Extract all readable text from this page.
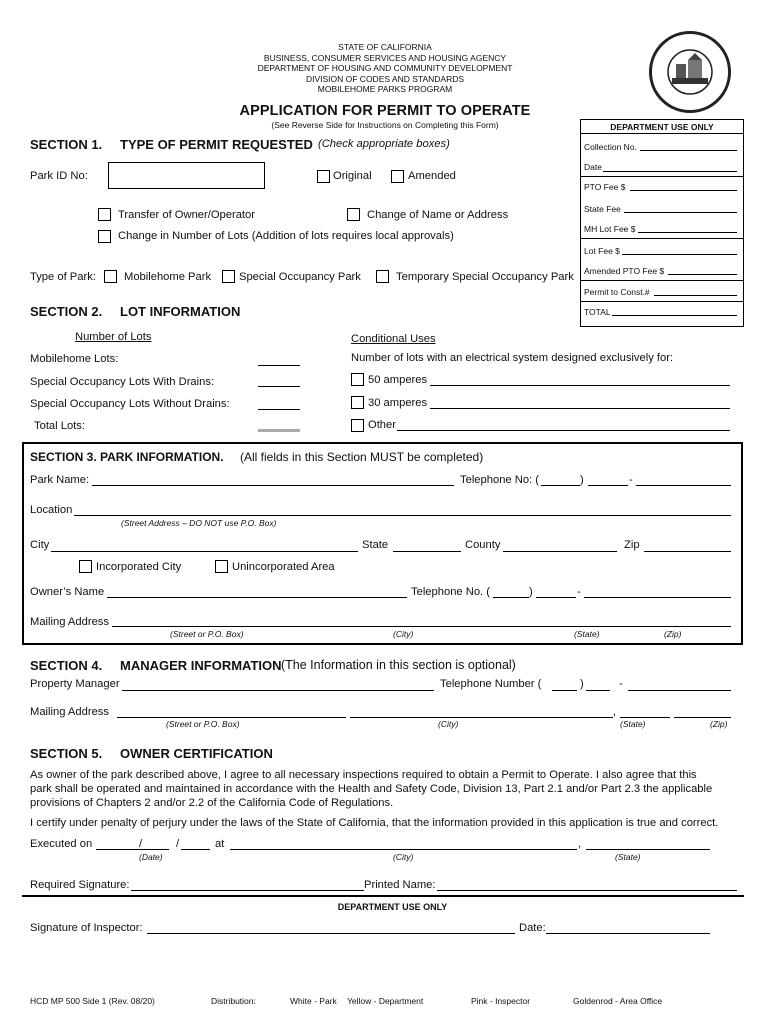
STATE OF CALIFORNIA
BUSINESS, CONSUMER SERVICES AND HOUSING AGENCY
DEPARTMENT OF HOUSING AND COMMUNITY DEVELOPMENT
DIVISION OF CODES AND STANDARDS
MOBILEHOME PARKS PROGRAM
APPLICATION FOR PERMIT TO OPERATE
(See Reverse Side for Instructions on Completing this Form)	DEPARTMENT USE ONLY
Collection No.
Date
PTO Fee $
State Fee
MH Lot Fee $
Lot Fee $
Amended PTO Fee $
Permit to Const.#
TOTAL
SECTION 1. TYPE OF PERMIT REQUESTED (Check appropriate boxes)
Park ID No:	Original	Amended
Transfer of Owner/Operator	Change of Name or Address
Change in Number of Lots (Addition of lots requires local approvals)
Type of Park:	Mobilehome Park Special Occupancy Park	Temporary Special Occupancy Park
SECTION 2. LOT INFORMATION
Number of Lots	Conditional Uses
Mobilehome Lots:	Number of lots with an electrical system designed exclusively for:
Special Occupancy Lots With Drains:	50 amperes
Special Occupancy Lots Without Drains:	30 amperes
Total Lots:	Other
SECTION 3. PARK INFORMATION. (All fields in this Section MUST be completed)
Park Name:	Telephone No: (	)	-
Location
(Street Address – DO NOT use P.O. Box)
City	State	County	Zip
Incorporated City	Unincorporated Area
Owner’s Name	Telephone No. (	)	-
Mailing Address
(Street or P.O. Box)	(City)	(State)	(Zip)
SECTION 4. MANAGER INFORMATION (The Information in this section is optional)
Property Manager	Telephone Number (	)	-
Mailing Address	,
(Street or P.O. Box)	(City)	(State)	(Zip)
SECTION 5. OWNER CERTIFICATION
As owner of the park described above, I agree to all necessary inspections required to obtain a Permit to Operate. I also agree that this
park shall be operated and maintained in accordance with the Health and Safety Code, Division 13, Part 2.1 and/or Part 2.3 the applicable
provisions of Chapters 2 and/or 2.2 of the California Code of Regulations.
I certify under penalty of perjury under the laws of the State of California, that the information provided in this application is true and correct.
Executed on	/	/	at	,
(Date)	(City)	(State)
Required Signature:	Printed Name:
DEPARTMENT USE ONLY
Signature of Inspector:	Date:
HCD MP 500 Side 1 (Rev. 08/20)	Distribution:	White - Park Yellow - Department	Pink - Inspector	Goldenrod - Area Office
